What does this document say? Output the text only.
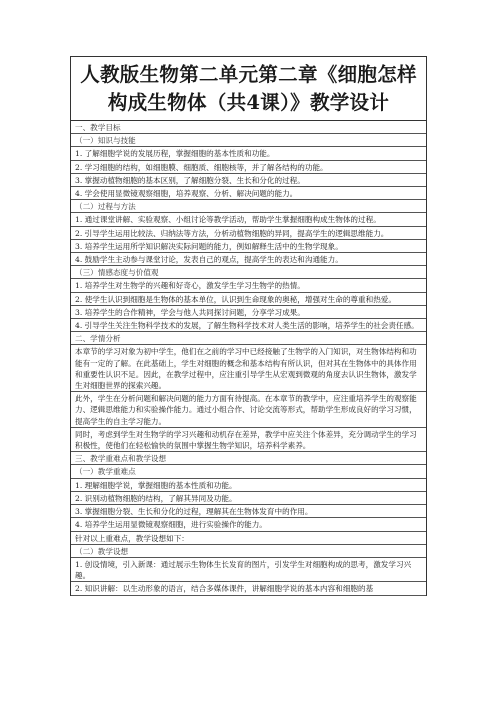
人教版生物第二单元第二章《细胞怎样构成生物体（共4课）》教学设计
一、教学目标
（一）知识与技能
1. 了解细胞学说的发展历程，掌握细胞的基本性质和功能。
2. 学习细胞的结构，如细胞膜、细胞质、细胞核等，并了解各结构的功能。
3. 掌握动植物细胞的基本区别，了解细胞分裂、生长和分化的过程。
4. 学会使用显微镜观察细胞，培养观察、分析、解决问题的能力。
（二）过程与方法
1. 通过课堂讲解、实验观察、小组讨论等教学活动，帮助学生掌握细胞构成生物体的过程。
2. 引导学生运用比较法、归纳法等方法，分析动植物细胞的异同，提高学生的逻辑思维能力。
3. 培养学生运用所学知识解决实际问题的能力，例如解释生活中的生物学现象。
4. 鼓励学生主动参与课堂讨论，发表自己的观点，提高学生的表达和沟通能力。
（三）情感态度与价值观
1. 培养学生对生物学的兴趣和好奇心，激发学生学习生物学的热情。
2. 使学生认识到细胞是生物体的基本单位，认识到生命现象的奥秘，增强对生命的尊重和热爱。
3. 培养学生的合作精神，学会与他人共同探讨问题，分享学习成果。
4. 引导学生关注生物科学技术的发展，了解生物科学技术对人类生活的影响，培养学生的社会责任感。
二、学情分析
本章节的学习对象为初中学生，他们在之前的学习中已经接触了生物学的入门知识，对生物体结构和功能有一定的了解。在此基础上，学生对细胞的概念和基本结构有所认识，但对其在生物体中的具体作用和重要性认识不足。因此，在教学过程中，应注重引导学生从宏观到微观的角度去认识生物体，激发学生对细胞世界的探索兴趣。
此外，学生在分析问题和解决问题的能力方面有待提高。在本章节的教学中，应注重培养学生的观察能力、逻辑思维能力和实验操作能力。通过小组合作、讨论交流等形式，帮助学生形成良好的学习习惯，提高学生的自主学习能力。
同时，考虑到学生对生物学的学习兴趣和动机存在差异，教学中应关注个体差异，充分调动学生的学习积极性，使他们在轻松愉快的氛围中掌握生物学知识，培养科学素养。
三、教学重难点和教学设想
（一）教学重难点
1. 理解细胞学说，掌握细胞的基本性质和功能。
2. 识别动植物细胞的结构，了解其异同及功能。
3. 掌握细胞分裂、生长和分化的过程，理解其在生物体发育中的作用。
4. 培养学生运用显微镜观察细胞，进行实验操作的能力。
针对以上重难点，教学设想如下：
（二）教学设想
1. 创设情境，引入新课：通过展示生物体生长发育的图片，引发学生对细胞构成的思考，激发学习兴趣。
2. 知识讲解：以生动形象的语言，结合多媒体课件，讲解细胞学说的基本内容和细胞的基
